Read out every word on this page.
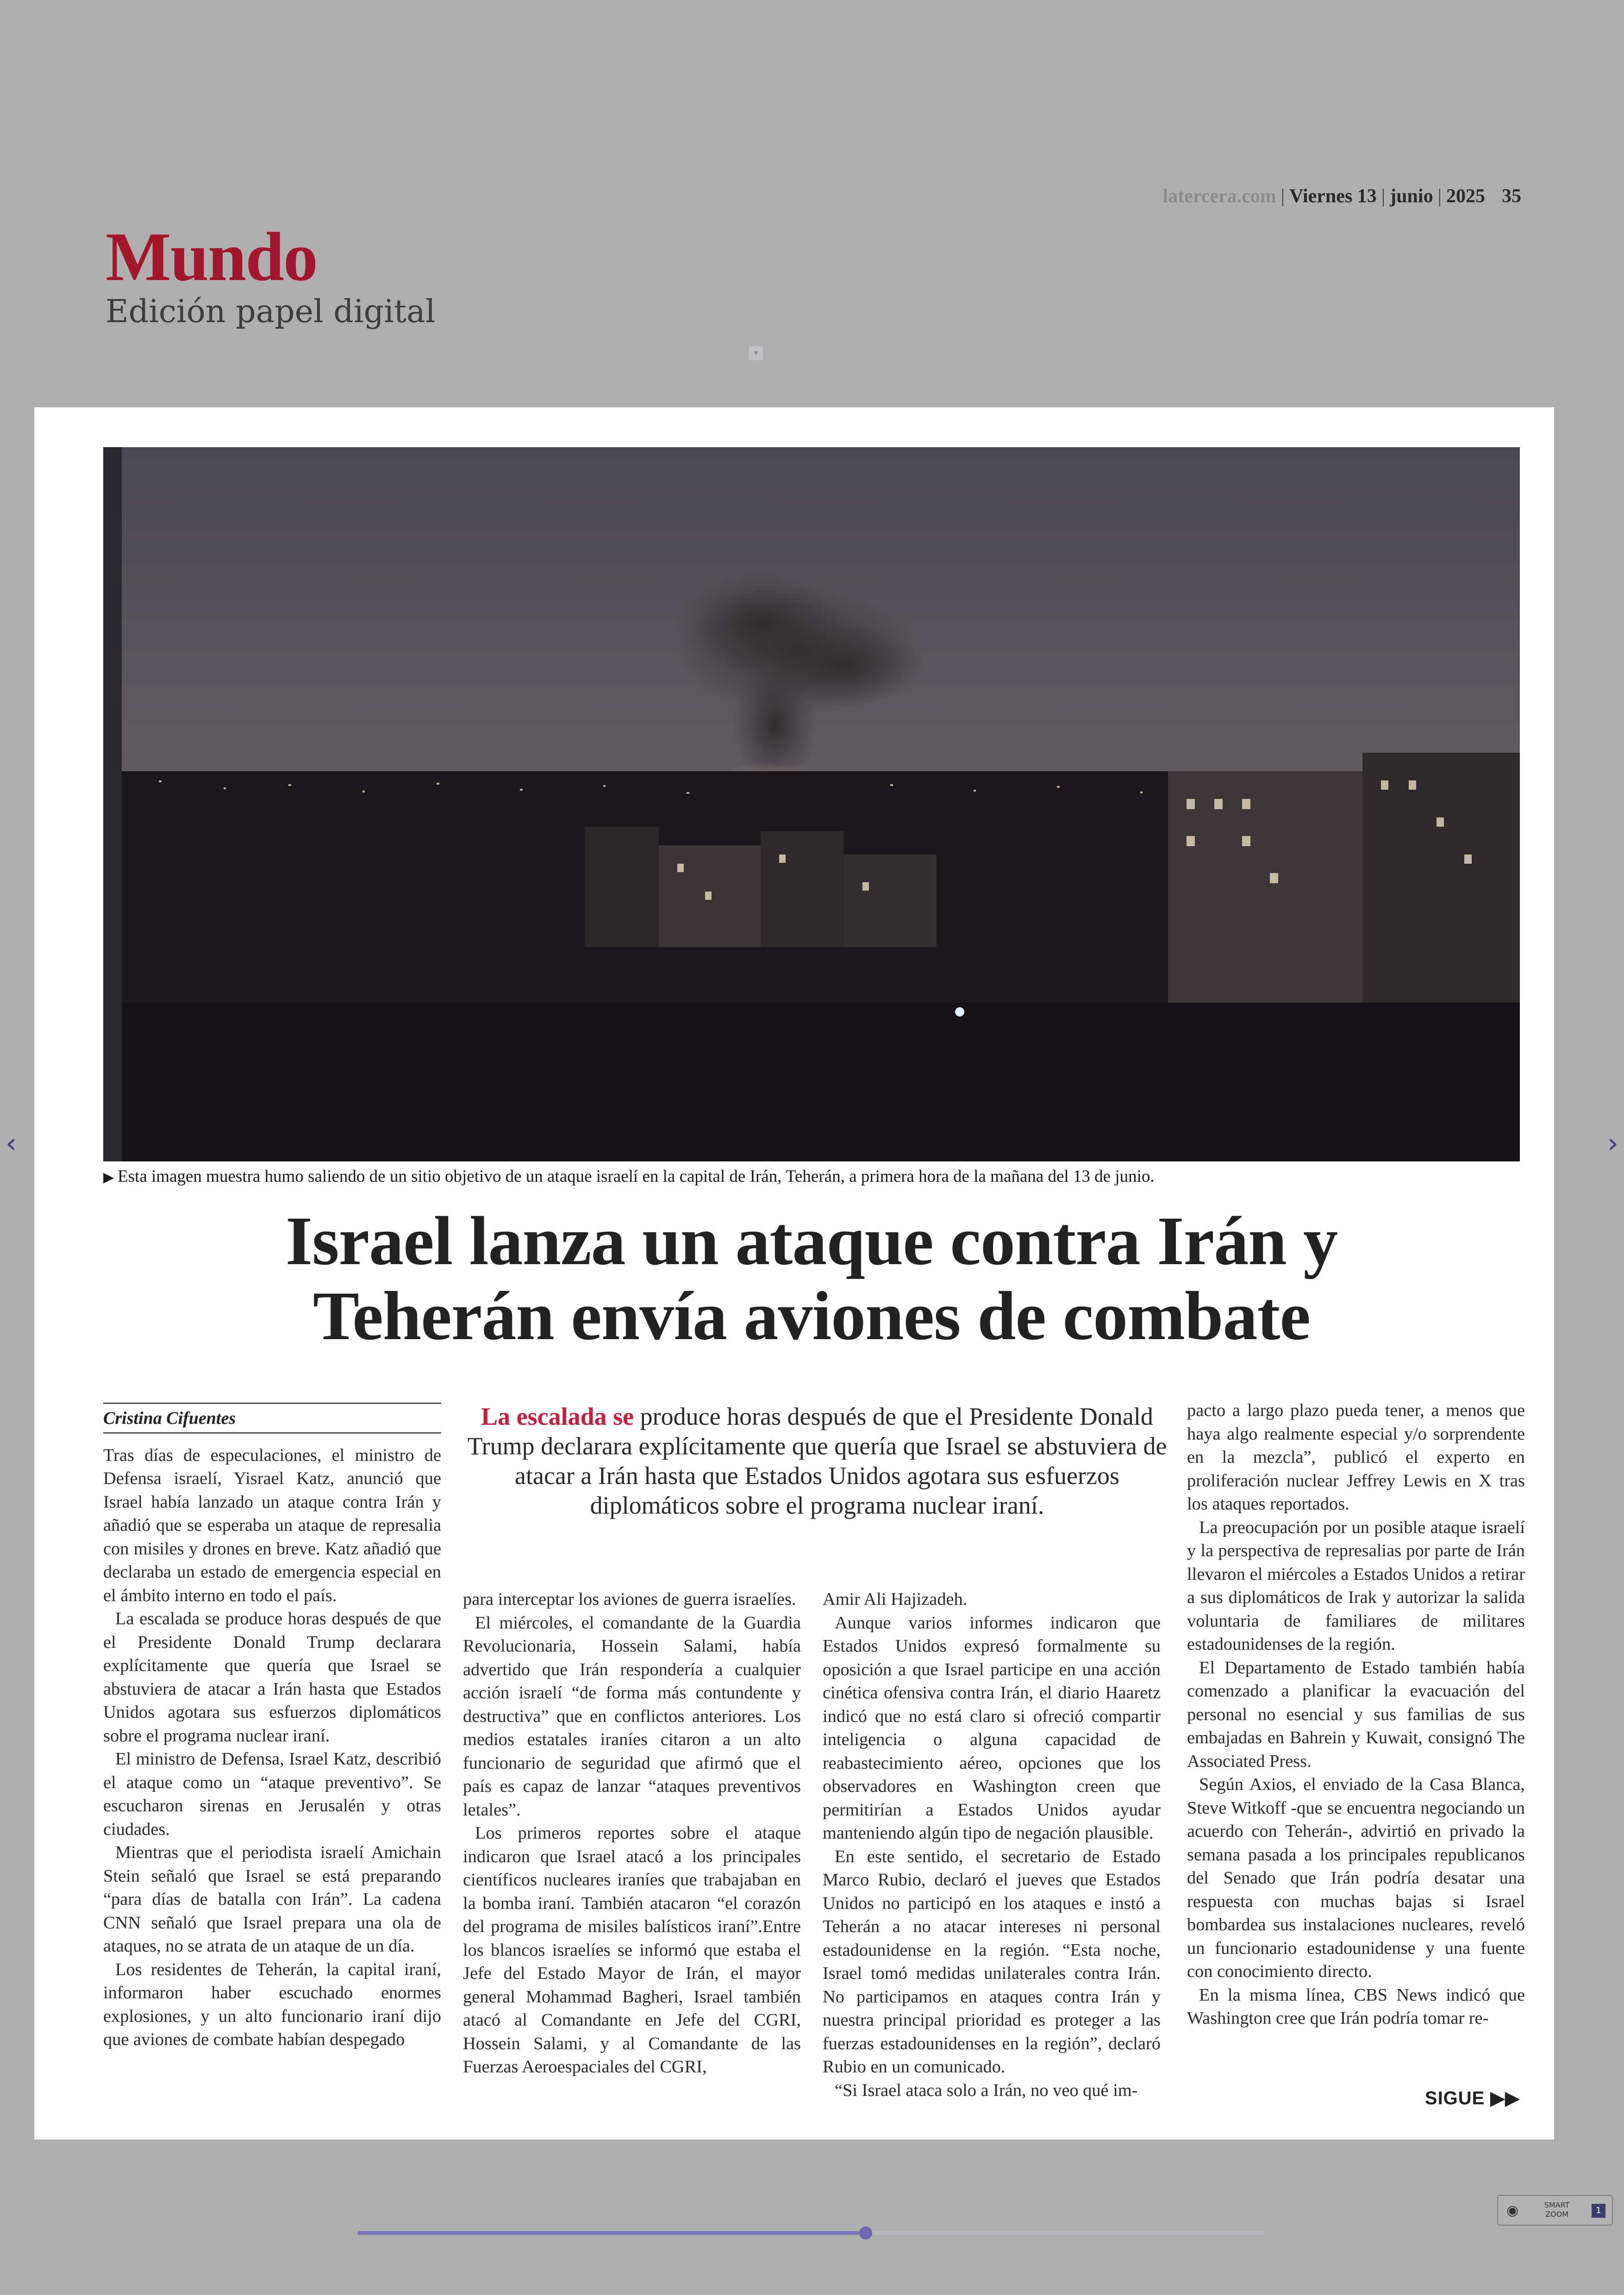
latercera.com | Viernes 13 | junio | 2025 35
Mundo
Edición papel digital
▾
‹	›
▶ Esta imagen muestra humo saliendo de un sitio objetivo de un ataque israelí en la capital de Irán, Teherán, a primera hora de la mañana del 13 de junio.
Israel lanza un ataque contra Irán y
Teherán envía aviones de combate
Cristina Cifuentes

Tras días de especulaciones, el ministro de Defensa israelí, Yisrael Katz, anunció que Israel había lanzado un ataque contra Irán y añadió que se esperaba un ataque de represalia con misiles y drones en breve. Katz añadió que declaraba un estado de emergencia especial en el ámbito interno en todo el país.

La escalada se produce horas después de que el Presidente Donald Trump declarara explícitamente que quería que Israel se abstuviera de atacar a Irán hasta que Estados Unidos agotara sus esfuerzos diplomáticos sobre el programa nuclear iraní.

El ministro de Defensa, Israel Katz, describió el ataque como un “ataque preventivo”. Se escucharon sirenas en Jerusalén y otras ciudades.

Mientras que el periodista israelí Amichain Stein señaló que Israel se está preparando “para días de batalla con Irán”. La cadena CNN señaló que Israel prepara una ola de ataques, no se atrata de un ataque de un día.

Los residentes de Teherán, la capital iraní, informaron haber escuchado enormes explosiones, y un alto funcionario iraní dijo que aviones de combate habían despegado

La escalada se produce horas después de que el Presidente Donald Trump declarara explícitamente que quería que Israel se abstuviera de atacar a Irán hasta que Estados Unidos agotara sus esfuerzos diplomáticos sobre el programa nuclear iraní.

para interceptar los aviones de guerra israelíes.

El miércoles, el comandante de la Guardia Revolucionaria, Hossein Salami, había advertido que Irán respondería a cualquier acción israelí “de forma más contundente y destructiva” que en conflictos anteriores. Los medios estatales iraníes citaron a un alto funcionario de seguridad que afirmó que el país es capaz de lanzar “ataques preventivos letales”.

Los primeros reportes sobre el ataque indicaron que Israel atacó a los principales científicos nucleares iraníes que trabajaban en la bomba iraní. También atacaron “el corazón del programa de misiles balísticos iraní”.Entre los blancos israelíes se informó que estaba el Jefe del Estado Mayor de Irán, el mayor general Mohammad Bagheri, Israel también atacó al Comandante en Jefe del CGRI, Hossein Salami, y al Comandante de las Fuerzas Aeroespaciales del CGRI,

Amir Ali Hajizadeh.

Aunque varios informes indicaron que Estados Unidos expresó formalmente su oposición a que Israel participe en una acción cinética ofensiva contra Irán, el diario Haaretz indicó que no está claro si ofreció compartir inteligencia o alguna capacidad de reabastecimiento aéreo, opciones que los observadores en Washington creen que permitirían a Estados Unidos ayudar manteniendo algún tipo de negación plausible.

En este sentido, el secretario de Estado Marco Rubio, declaró el jueves que Estados Unidos no participó en los ataques e instó a Teherán a no atacar intereses ni personal estadounidense en la región. “Esta noche, Israel tomó medidas unilaterales contra Irán. No participamos en ataques contra Irán y nuestra principal prioridad es proteger a las fuerzas estadounidenses en la región”, declaró Rubio en un comunicado.

“Si Israel ataca solo a Irán, no veo qué im-

pacto a largo plazo pueda tener, a menos que haya algo realmente especial y/o sorprendente en la mezcla”, publicó el experto en proliferación nuclear Jeffrey Lewis en X tras los ataques reportados.

La preocupación por un posible ataque israelí y la perspectiva de represalias por parte de Irán llevaron el miércoles a Estados Unidos a retirar a sus diplomáticos de Irak y autorizar la salida voluntaria de familiares de militares estadounidenses de la región.

El Departamento de Estado también había comenzado a planificar la evacuación del personal no esencial y sus familias de sus embajadas en Bahrein y Kuwait, consignó The Associated Press.

Según Axios, el enviado de la Casa Blanca, Steve Witkoff -que se encuentra negociando un acuerdo con Teherán-, advirtió en privado la semana pasada a los principales republicanos del Senado que Irán podría desatar una respuesta con muchas bajas si Israel bombardea sus instalaciones nucleares, reveló un funcionario estadounidense y una fuente con conocimiento directo.

En la misma línea, CBS News indicó que Washington cree que Irán podría tomar re-

SIGUE ▶▶
◉	SMART
ZOOM	1
